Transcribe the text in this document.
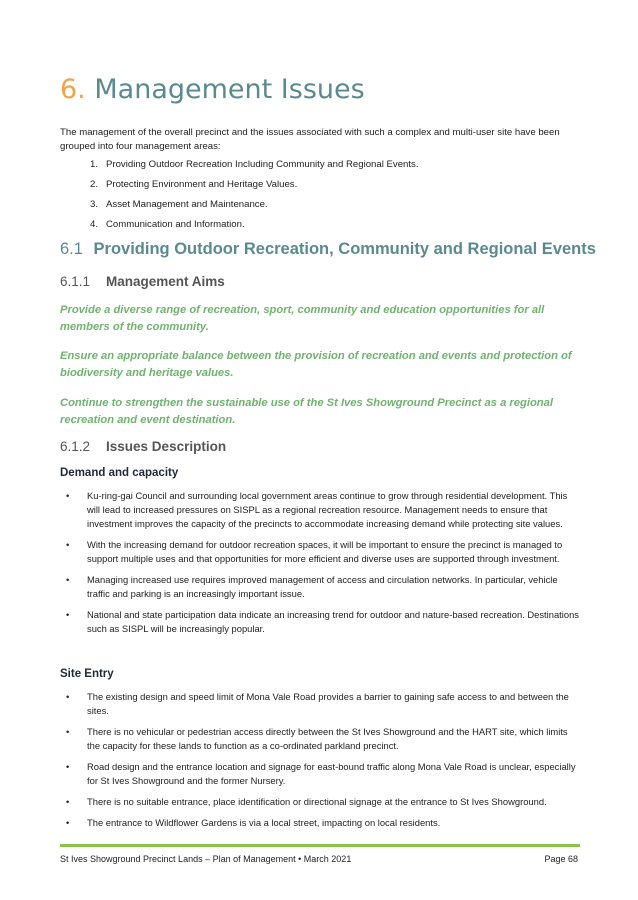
6. Management Issues
The management of the overall precinct and the issues associated with such a complex and multi-user site have been grouped into four management areas:
1. Providing Outdoor Recreation Including Community and Regional Events.
2. Protecting Environment and Heritage Values.
3. Asset Management and Maintenance.
4. Communication and Information.
6.1 Providing Outdoor Recreation, Community and Regional Events
6.1.1 Management Aims
Provide a diverse range of recreation, sport, community and education opportunities for all members of the community.
Ensure an appropriate balance between the provision of recreation and events and protection of biodiversity and heritage values.
Continue to strengthen the sustainable use of the St Ives Showground Precinct as a regional recreation and event destination.
6.1.2 Issues Description
Demand and capacity
• Ku-ring-gai Council and surrounding local government areas continue to grow through residential development. This will lead to increased pressures on SISPL as a regional recreation resource. Management needs to ensure that investment improves the capacity of the precincts to accommodate increasing demand while protecting site values.
• With the increasing demand for outdoor recreation spaces, it will be important to ensure the precinct is managed to support multiple uses and that opportunities for more efficient and diverse uses are supported through investment.
• Managing increased use requires improved management of access and circulation networks. In particular, vehicle traffic and parking is an increasingly important issue.
• National and state participation data indicate an increasing trend for outdoor and nature-based recreation. Destinations such as SISPL will be increasingly popular.
Site Entry
• The existing design and speed limit of Mona Vale Road provides a barrier to gaining safe access to and between the sites.
• There is no vehicular or pedestrian access directly between the St Ives Showground and the HART site, which limits the capacity for these lands to function as a co-ordinated parkland precinct.
• Road design and the entrance location and signage for east-bound traffic along Mona Vale Road is unclear, especially for St Ives Showground and the former Nursery.
• There is no suitable entrance, place identification or directional signage at the entrance to St Ives Showground.
• The entrance to Wildflower Gardens is via a local street, impacting on local residents.
St Ives Showground Precinct Lands – Plan of Management • March 2021	Page 68
